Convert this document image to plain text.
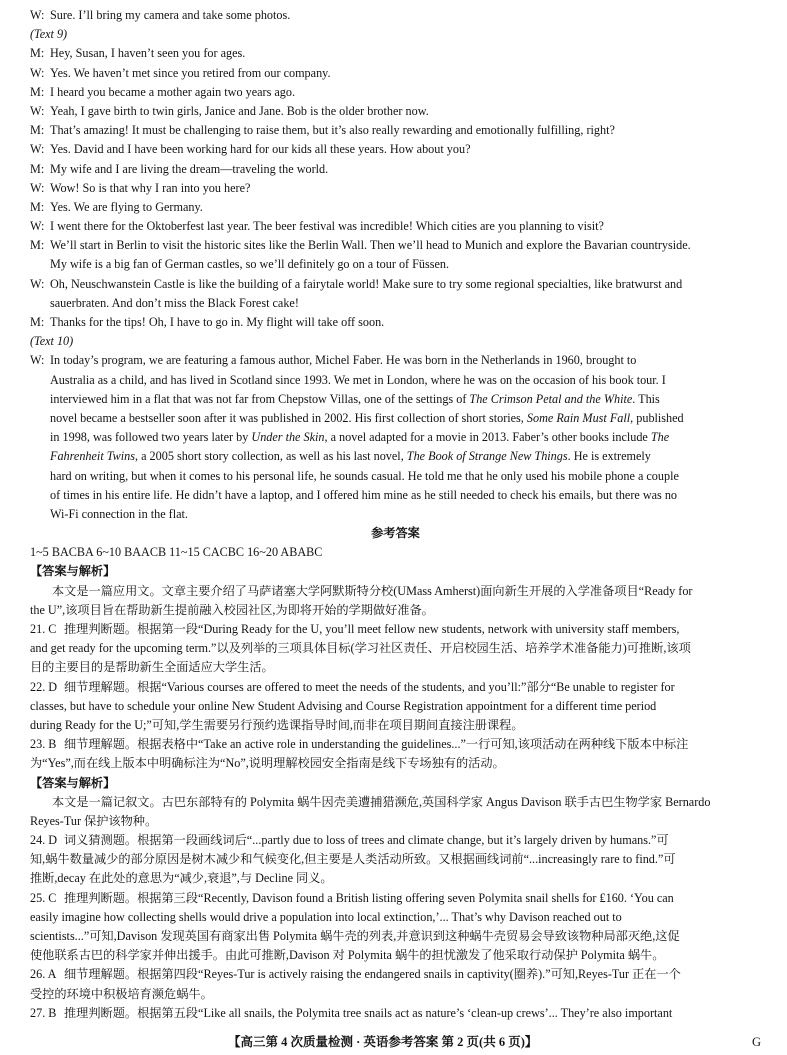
W: Sure. I’ll bring my camera and take some photos.
(Text 9)
M: Hey, Susan, I haven’t seen you for ages.
W: Yes. We haven’t met since you retired from our company.
M: I heard you became a mother again two years ago.
W: Yeah, I gave birth to twin girls, Janice and Jane. Bob is the older brother now.
M: That’s amazing! It must be challenging to raise them, but it’s also really rewarding and emotionally fulfilling, right?
W: Yes. David and I have been working hard for our kids all these years. How about you?
M: My wife and I are living the dream—traveling the world.
W: Wow! So is that why I ran into you here?
M: Yes. We are flying to Germany.
W: I went there for the Oktoberfest last year. The beer festival was incredible! Which cities are you planning to visit?
M: We’ll start in Berlin to visit the historic sites like the Berlin Wall. Then we’ll head to Munich and explore the Bavarian countryside.
My wife is a big fan of German castles, so we’ll definitely go on a tour of Füssen.
W: Oh, Neuschwanstein Castle is like the building of a fairytale world! Make sure to try some regional specialties, like bratwurst and
sauerbraten. And don’t miss the Black Forest cake!
M: Thanks for the tips! Oh, I have to go in. My flight will take off soon.
(Text 10)
W: In today’s program, we are featuring a famous author, Michel Faber. He was born in the Netherlands in 1960, brought to
Australia as a child, and has lived in Scotland since 1993. We met in London, where he was on the occasion of his book tour. I
interviewed him in a flat that was not far from Chepstow Villas, one of the settings of The Crimson Petal and the White. This
novel became a bestseller soon after it was published in 2002. His first collection of short stories, Some Rain Must Fall, published
in 1998, was followed two years later by Under the Skin, a novel adapted for a movie in 2013. Faber’s other books include The
Fahrenheit Twins, a 2005 short story collection, as well as his last novel, The Book of Strange New Things. He is extremely
hard on writing, but when it comes to his personal life, he sounds casual. He told me that he only used his mobile phone a couple
of times in his entire life. He didn’t have a laptop, and I offered him mine as he still needed to check his emails, but there was no
Wi-Fi connection in the flat.
参考答案
1~5 BACBA 6~10 BAACB 11~15 CACBC 16~20 ABABC
【答案与解析】
本文是一篇应用文。文章主要介绍了马萨诸塞大学阿默斯特分校(UMass Amherst)面向新生开展的入学准备项目“Ready for
the U”,该项目旨在帮助新生提前融入校园社区,为即将开始的学期做好准备。
21. C 推理判断题。根据第一段“During Ready for the U, you’ll meet fellow new students, network with university staff members,
and get ready for the upcoming term.”以及列举的三项具体目标(学习社区责任、开启校园生活、培养学术准备能力)可推断,该项
目的主要目的是帮助新生全面适应大学生活。
22. D 细节理解题。根据“Various courses are offered to meet the needs of the students, and you’ll:”部分“Be unable to register for
classes, but have to schedule your online New Student Advising and Course Registration appointment for a different time period
during Ready for the U;”可知,学生需要另行预约选课指导时间,而非在项目期间直接注册课程。
23. B 细节理解题。根据表格中“Take an active role in understanding the guidelines...”一行可知,该项活动在两种线下版本中标注
为“Yes”,而在线上版本中明确标注为“No”,说明理解校园安全指南是线下专场独有的活动。
【答案与解析】
本文是一篇记叙文。古巴东部特有的 Polymita 蜗牛因壳美遭捕猎濒危,英国科学家 Angus Davison 联手古巴生物学家 Bernardo
Reyes-Tur 保护该物种。
24. D 词义猜测题。根据第一段画线词后“...partly due to loss of trees and climate change, but it’s largely driven by humans.”可
知,蜗牛数量减少的部分原因是树木减少和气候变化,但主要是人类活动所致。又根据画线词前“...increasingly rare to find.”可
推断,decay 在此处的意思为“减少,衰退”,与 Decline 同义。
25. C 推理判断题。根据第三段“Recently, Davison found a British listing offering seven Polymita snail shells for ₤160. ‘You can
easily imagine how collecting shells would drive a population into local extinction,’... That’s why Davison reached out to
scientists...”可知,Davison 发现英国有商家出售 Polymita 蜗牛壳的列表,并意识到这种蜗牛壳贸易会导致该物种局部灭绝,这促
使他联系古巴的科学家并伸出援手。由此可推断,Davison 对 Polymita 蜗牛的担忧激发了他采取行动保护 Polymita 蜗牛。
26. A 细节理解题。根据第四段“Reyes-Tur is actively raising the endangered snails in captivity(圈养).”可知,Reyes-Tur 正在一个
受控的环境中积极培育濒危蜗牛。
27. B 推理判断题。根据第五段“Like all snails, the Polymita tree snails act as nature’s ‘clean-up crews’... They’re also important
【高三第 4 次质量检测 · 英语参考答案 第 2 页(共 6 页)】	G
